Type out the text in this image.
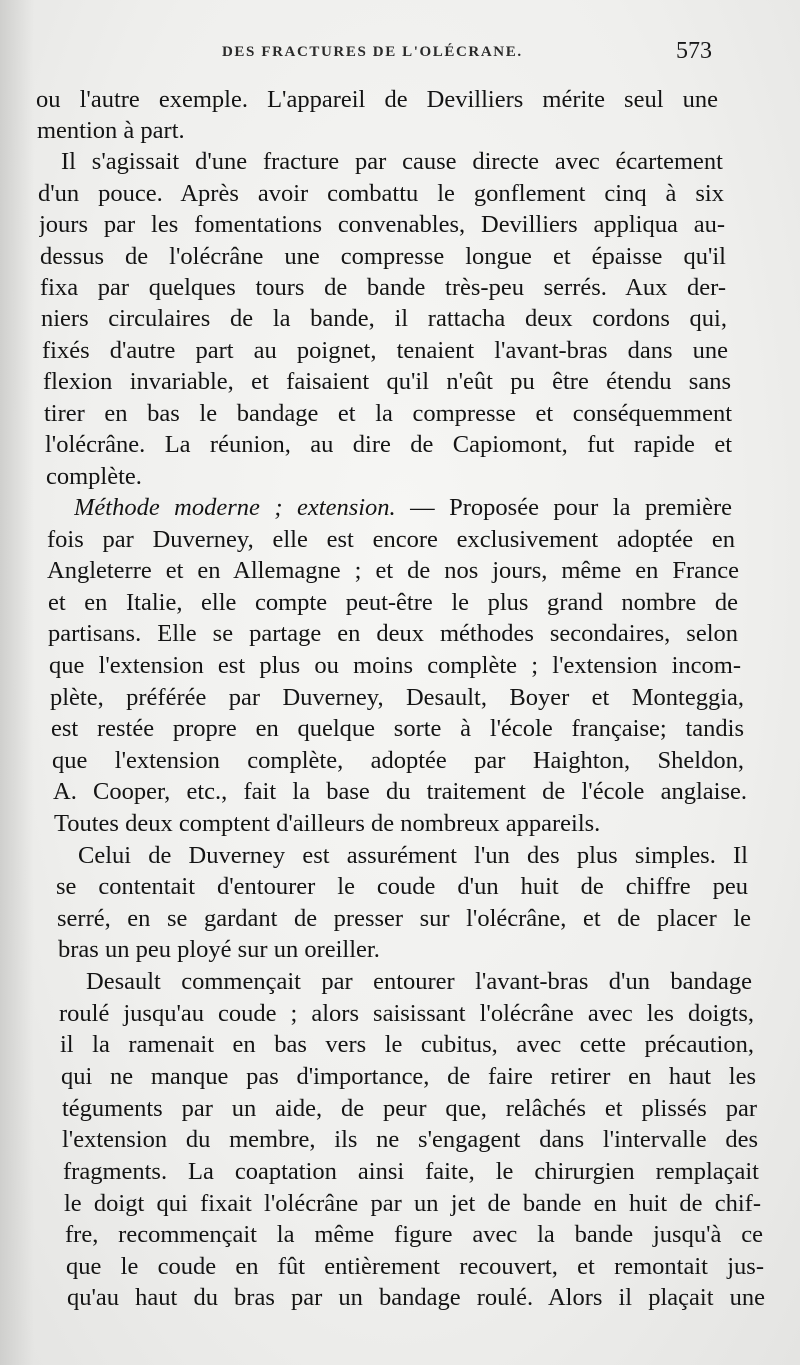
DES FRACTURES DE L'OLÉCRANE.	573
ou l'autre exemple. L'appareil de Devilliers mérite seul une
mention à part.
Il s'agissait d'une fracture par cause directe avec écartement
d'un pouce. Après avoir combattu le gonflement cinq à six
jours par les fomentations convenables, Devilliers appliqua au-
dessus de l'olécrâne une compresse longue et épaisse qu'il
fixa par quelques tours de bande très-peu serrés. Aux der-
niers circulaires de la bande, il rattacha deux cordons qui,
fixés d'autre part au poignet, tenaient l'avant-bras dans une
flexion invariable, et faisaient qu'il n'eût pu être étendu sans
tirer en bas le bandage et la compresse et conséquemment
l'olécrâne. La réunion, au dire de Capiomont, fut rapide et
complète.
Méthode moderne ; extension. — Proposée pour la première
fois par Duverney, elle est encore exclusivement adoptée en
Angleterre et en Allemagne ; et de nos jours, même en France
et en Italie, elle compte peut-être le plus grand nombre de
partisans. Elle se partage en deux méthodes secondaires, selon
que l'extension est plus ou moins complète ; l'extension incom-
plète, préférée par Duverney, Desault, Boyer et Monteggia,
est restée propre en quelque sorte à l'école française; tandis
que l'extension complète, adoptée par Haighton, Sheldon,
A. Cooper, etc., fait la base du traitement de l'école anglaise.
Toutes deux comptent d'ailleurs de nombreux appareils.
Celui de Duverney est assurément l'un des plus simples. Il
se contentait d'entourer le coude d'un huit de chiffre peu
serré, en se gardant de presser sur l'olécrâne, et de placer le
bras un peu ployé sur un oreiller.
Desault commençait par entourer l'avant-bras d'un bandage
roulé jusqu'au coude ; alors saisissant l'olécrâne avec les doigts,
il la ramenait en bas vers le cubitus, avec cette précaution,
qui ne manque pas d'importance, de faire retirer en haut les
téguments par un aide, de peur que, relâchés et plissés par
l'extension du membre, ils ne s'engagent dans l'intervalle des
fragments. La coaptation ainsi faite, le chirurgien remplaçait
le doigt qui fixait l'olécrâne par un jet de bande en huit de chif-
fre, recommençait la même figure avec la bande jusqu'à ce
que le coude en fût entièrement recouvert, et remontait jus-
qu'au haut du bras par un bandage roulé. Alors il plaçait une
